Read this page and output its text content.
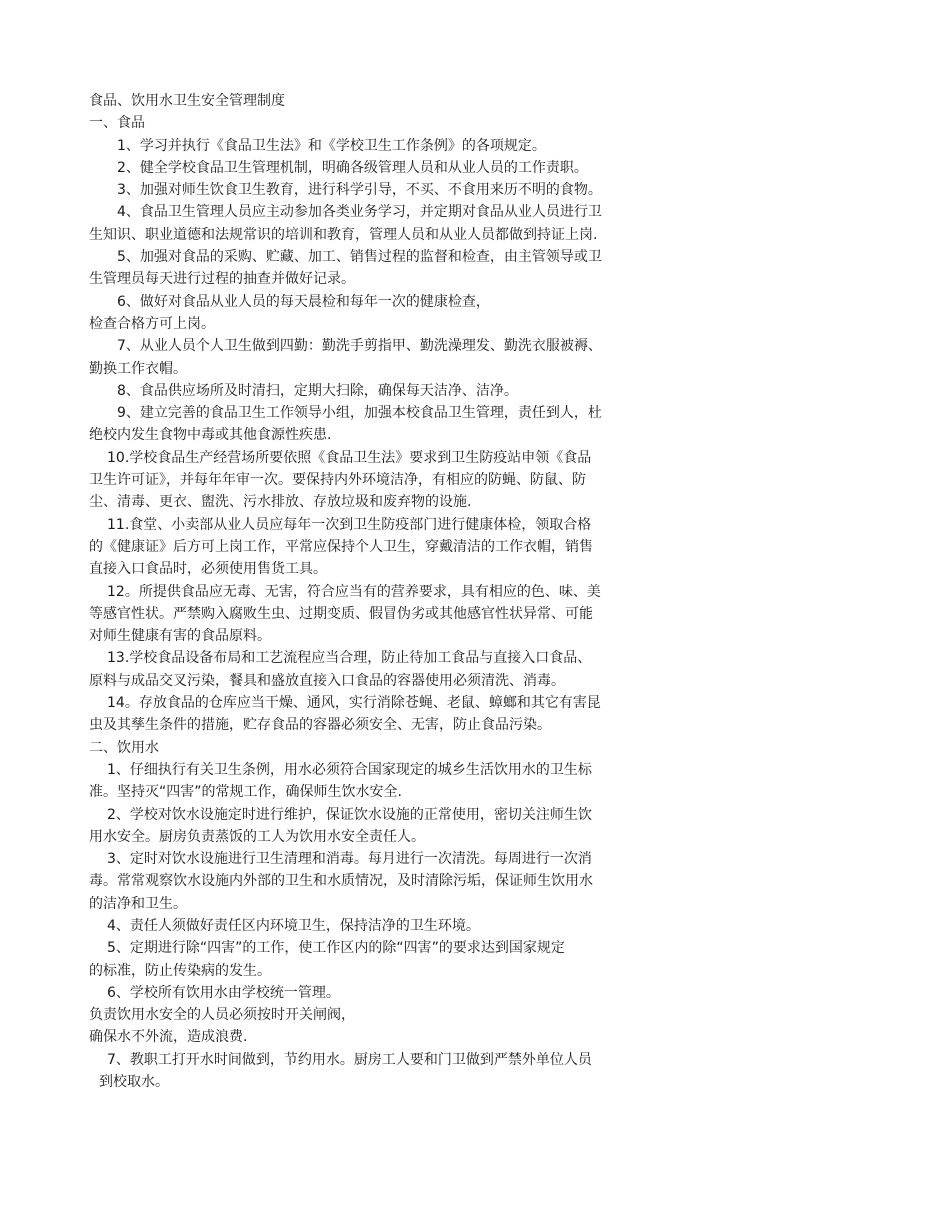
食品、饮用水卫生安全管理制度

一、食品

1、学习并执行《食品卫生法》和《学校卫生工作条例》的各项规定。

2、健全学校食品卫生管理机制，明确各级管理人员和从业人员的工作责职。

3、加强对师生饮食卫生教育，进行科学引导，不买、不食用来历不明的食物。

4、食品卫生管理人员应主动参加各类业务学习，并定期对食品从业人员进行卫

生知识、职业道德和法规常识的培训和教育，管理人员和从业人员都做到持证上岗.

5、加强对食品的采购、贮藏、加工、销售过程的监督和检查，由主管领导或卫

生管理员每天进行过程的抽查并做好记录。

6、做好对食品从业人员的每天晨检和每年一次的健康检查，

检查合格方可上岗。

7、从业人员个人卫生做到四勤：勤洗手剪指甲、勤洗澡理发、勤洗衣服被褥、

勤换工作衣帽。

8、食品供应场所及时清扫，定期大扫除，确保每天洁净、洁净。

9、建立完善的食品卫生工作领导小组，加强本校食品卫生管理，责任到人，杜

绝校内发生食物中毒或其他食源性疾患.

10.学校食品生产经营场所要依照《食品卫生法》要求到卫生防疫站申领《食品

卫生许可证》，并每年年审一次。要保持内外环境洁净，有相应的防蝇、防鼠、防

尘、清毒、更衣、盥洗、污水排放、存放垃圾和废弃物的设施.

11.食堂、小卖部从业人员应每年一次到卫生防疫部门进行健康体检，领取合格

的《健康证》后方可上岗工作，平常应保持个人卫生，穿戴清洁的工作衣帽，销售

直接入口食品时，必须使用售货工具。

12。所提供食品应无毒、无害，符合应当有的营养要求，具有相应的色、味、美

等感官性状。严禁购入腐败生虫、过期变质、假冒伪劣或其他感官性状异常、可能

对师生健康有害的食品原料。

13.学校食品设备布局和工艺流程应当合理，防止待加工食品与直接入口食品、

原料与成品交叉污染，餐具和盛放直接入口食品的容器使用必须清洗、消毒。

14。存放食品的仓库应当干燥、通风，实行消除苍蝇、老鼠、蟑螂和其它有害昆

虫及其孳生条件的措施，贮存食品的容器必须安全、无害，防止食品污染。

二、饮用水

1、仔细执行有关卫生条例，用水必须符合国家现定的城乡生活饮用水的卫生标

准。坚持灭“四害”的常规工作，确保师生饮水安全.

2、学校对饮水设施定时进行维护，保证饮水设施的正常使用，密切关注师生饮

用水安全。厨房负责蒸饭的工人为饮用水安全责任人。

3、定时对饮水设施进行卫生清理和消毒。每月进行一次清洗。每周进行一次消

毒。常常观察饮水设施内外部的卫生和水质情况，及时清除污垢，保证师生饮用水

的洁净和卫生。

4、责任人须做好责任区内环境卫生，保持洁净的卫生环境。

5、定期进行除“四害”的工作，使工作区内的除“四害”的要求达到国家规定

的标准，防止传染病的发生。

6、学校所有饮用水由学校统一管理。

负责饮用水安全的人员必须按时开关闸阀，

确保水不外流，造成浪费.

7、教职工打开水时间做到，节约用水。厨房工人要和门卫做到严禁外单位人员

到校取水。
